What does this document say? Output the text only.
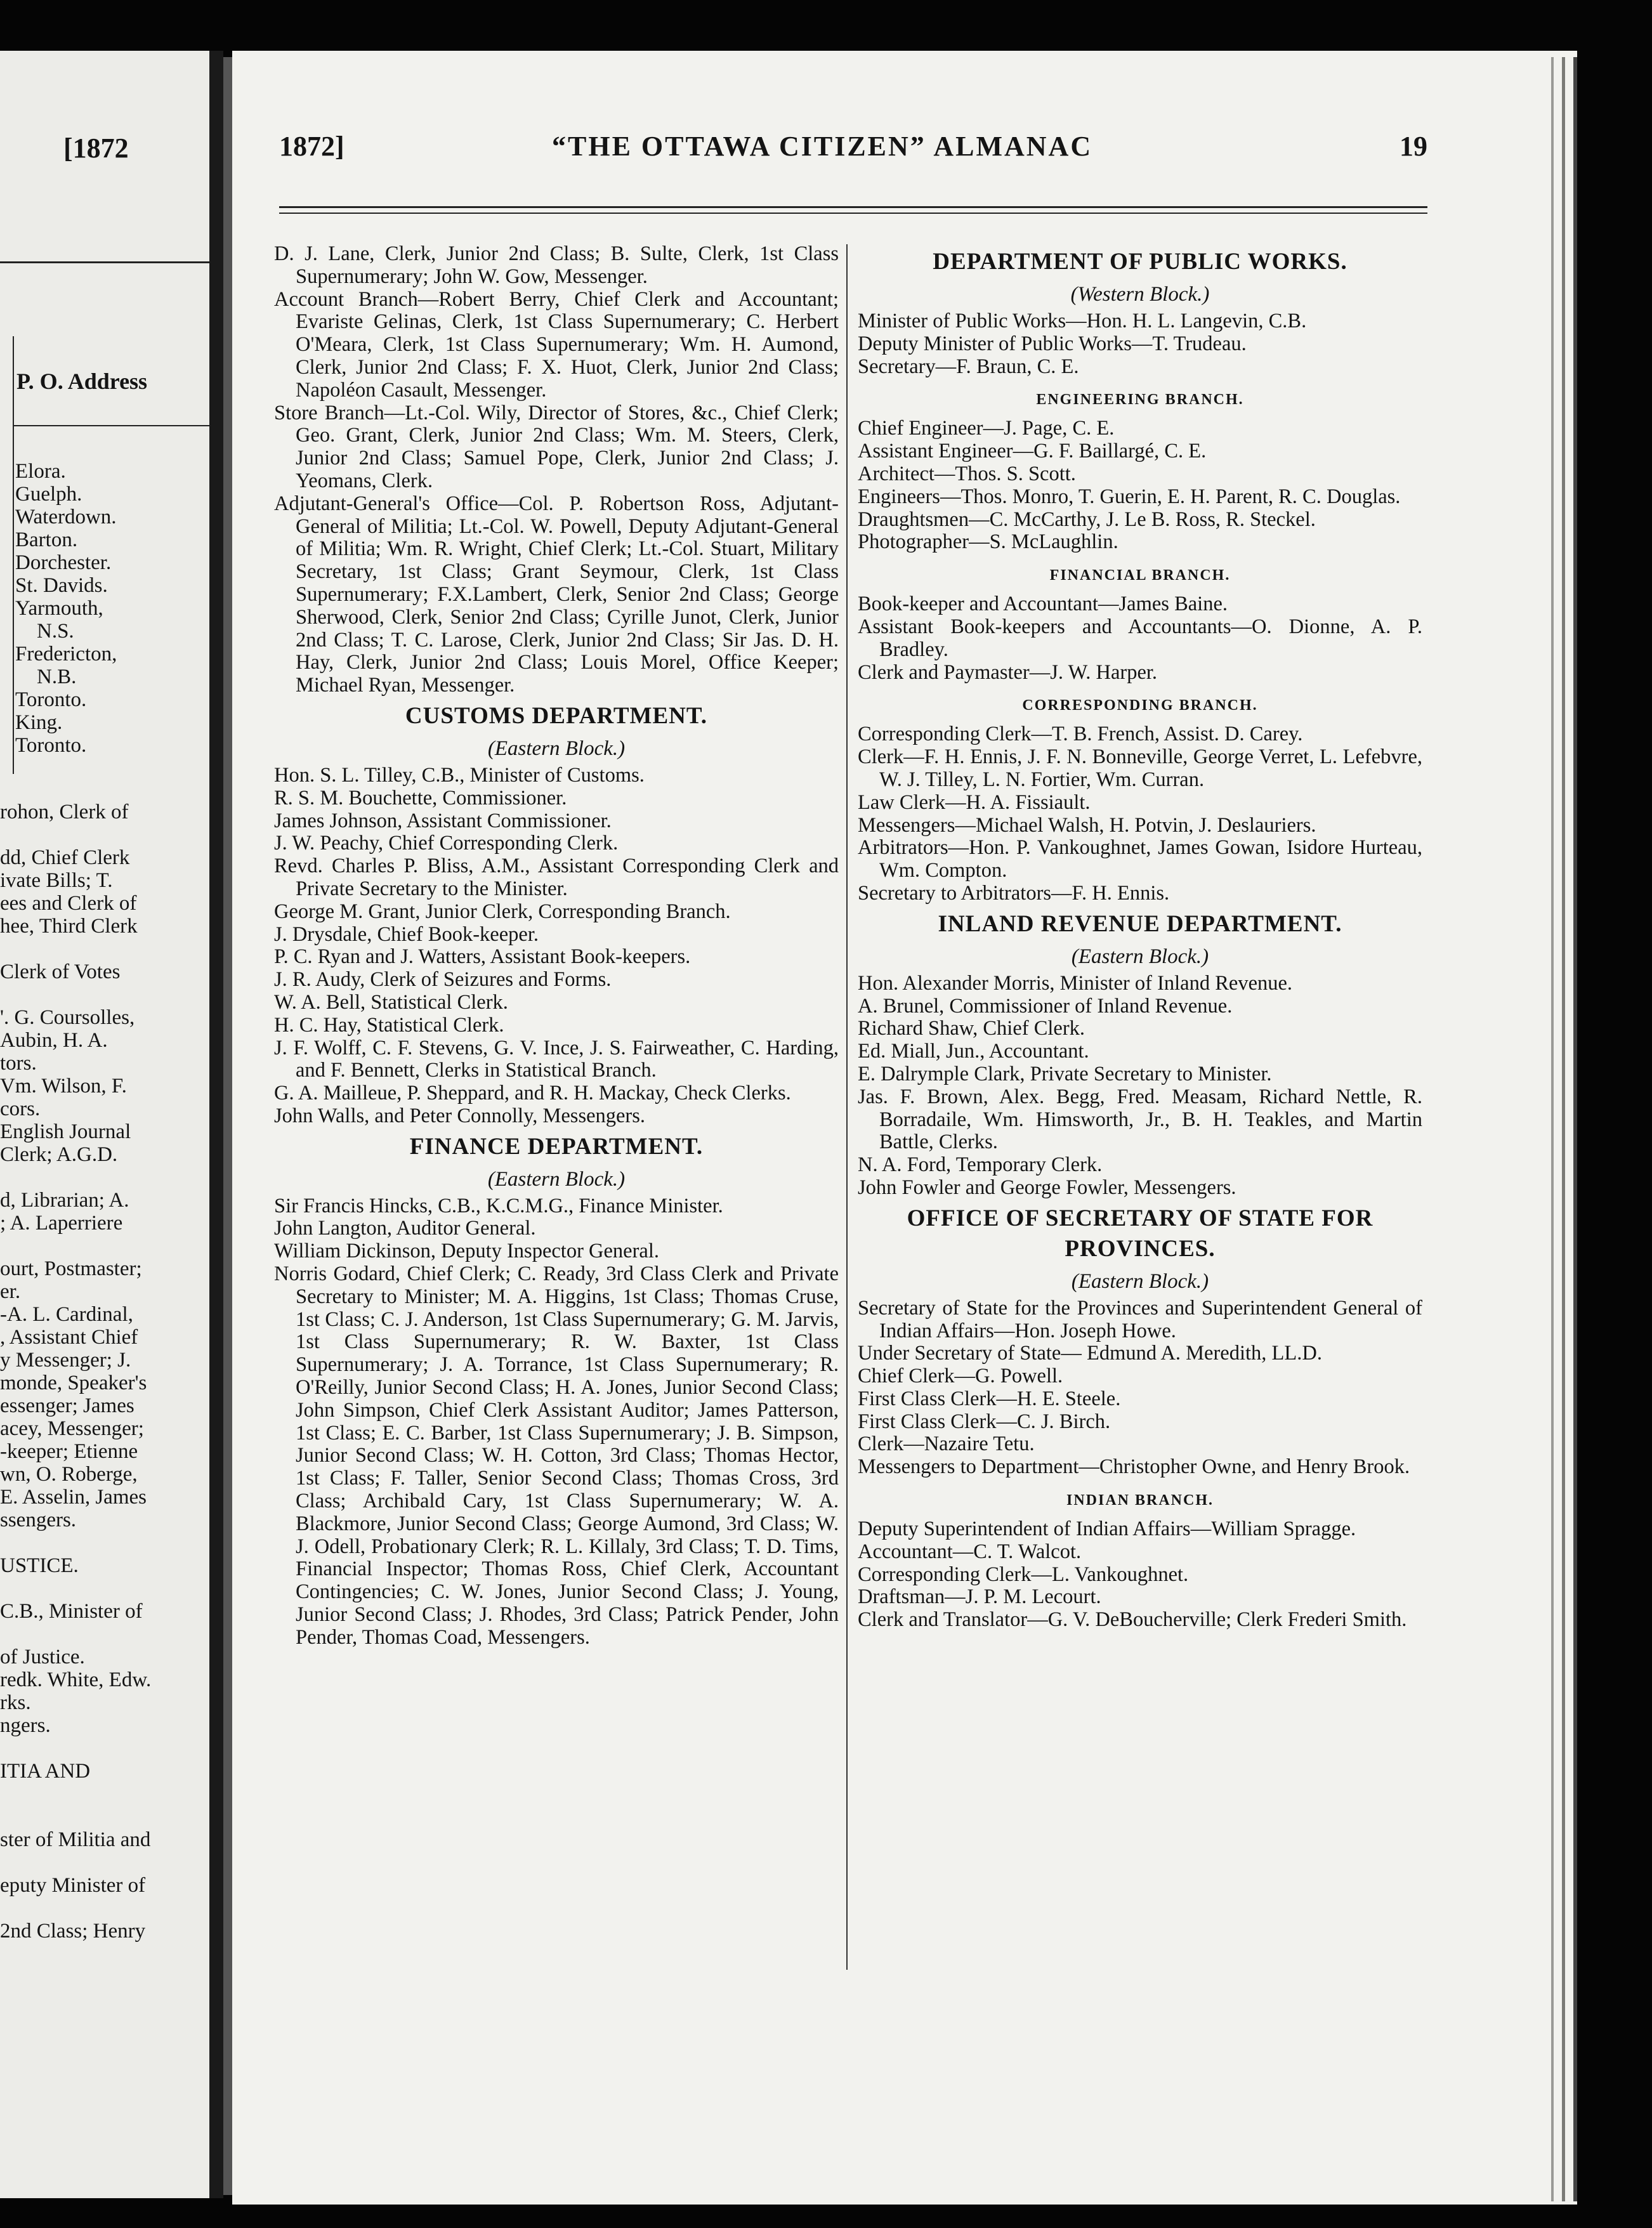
[1872
P. O. Address
Elora.
Guelph.
Waterdown.
Barton.
Dorchester.
St. Davids.
Yarmouth,
N.S.
Fredericton,
N.B.
Toronto.
King.
Toronto.
rohon, Clerk of
dd, Chief Clerk
ivate Bills; T.
ees and Clerk of
hee, Third Clerk
Clerk of Votes
'. G. Coursolles,
Aubin, H. A.
tors.
Vm. Wilson, F.
cors.
English Journal
Clerk; A.G.D.
d, Librarian; A.
; A. Laperriere
ourt, Postmaster;
er.
-A. L. Cardinal,
, Assistant Chief
y Messenger; J.
monde, Speaker's
essenger; James
acey, Messenger;
-keeper; Etienne
wn, O. Roberge,
E. Asselin, James
ssengers.
USTICE.
C.B., Minister of
of Justice.
redk. White, Edw.
rks.
ngers.
ITIA AND
ster of Militia and
eputy Minister of
2nd Class; Henry
1872]	“THE OTTAWA CITIZEN” ALMANAC	19

D. J. Lane, Clerk, Junior 2nd Class; B. Sulte, Clerk, 1st Class Supernumerary; John W. Gow, Messenger.

Account Branch—Robert Berry, Chief Clerk and Accountant; Evariste Gelinas, Clerk, 1st Class Supernumerary; C. Herbert O'Meara, Clerk, 1st Class Supernumerary; Wm. H. Aumond, Clerk, Junior 2nd Class; F. X. Huot, Clerk, Junior 2nd Class; Napoléon Casault, Messenger.

Store Branch—Lt.-Col. Wily, Director of Stores, &c., Chief Clerk; Geo. Grant, Clerk, Junior 2nd Class; Wm. M. Steers, Clerk, Junior 2nd Class; Samuel Pope, Clerk, Junior 2nd Class; J. Yeomans, Clerk.

Adjutant-General's Office—Col. P. Robertson Ross, Adjutant-General of Militia; Lt.-Col. W. Powell, Deputy Adjutant-General of Militia; Wm. R. Wright, Chief Clerk; Lt.-Col. Stuart, Military Secretary, 1st Class; Grant Seymour, Clerk, 1st Class Supernumerary; F.X.Lambert, Clerk, Senior 2nd Class; George Sherwood, Clerk, Senior 2nd Class; Cyrille Junot, Clerk, Junior 2nd Class; T. C. Larose, Clerk, Junior 2nd Class; Sir Jas. D. H. Hay, Clerk, Junior 2nd Class; Louis Morel, Office Keeper; Michael Ryan, Messenger.

CUSTOMS DEPARTMENT.

(Eastern Block.)

Hon. S. L. Tilley, C.B., Minister of Customs.

R. S. M. Bouchette, Commissioner.

James Johnson, Assistant Commissioner.

J. W. Peachy, Chief Corresponding Clerk.

Revd. Charles P. Bliss, A.M., Assistant Corresponding Clerk and Private Secretary to the Minister.

George M. Grant, Junior Clerk, Corresponding Branch.

J. Drysdale, Chief Book-keeper.

P. C. Ryan and J. Watters, Assistant Book-keepers.

J. R. Audy, Clerk of Seizures and Forms.

W. A. Bell, Statistical Clerk.

H. C. Hay, Statistical Clerk.

J. F. Wolff, C. F. Stevens, G. V. Ince, J. S. Fairweather, C. Harding, and F. Bennett, Clerks in Statistical Branch.

G. A. Mailleue, P. Sheppard, and R. H. Mackay, Check Clerks.

John Walls, and Peter Connolly, Messengers.

FINANCE DEPARTMENT.

(Eastern Block.)

Sir Francis Hincks, C.B., K.C.M.G., Finance Minister.

John Langton, Auditor General.

William Dickinson, Deputy Inspector General.

Norris Godard, Chief Clerk; C. Ready, 3rd Class Clerk and Private Secretary to Minister; M. A. Higgins, 1st Class; Thomas Cruse, 1st Class; C. J. Anderson, 1st Class Supernumerary; G. M. Jarvis, 1st Class Supernumerary; R. W. Baxter, 1st Class Supernumerary; J. A. Torrance, 1st Class Supernumerary; R. O'Reilly, Junior Second Class; H. A. Jones, Junior Second Class; John Simpson, Chief Clerk Assistant Auditor; James Patterson, 1st Class; E. C. Barber, 1st Class Supernumerary; J. B. Simpson, Junior Second Class; W. H. Cotton, 3rd Class; Thomas Hector, 1st Class; F. Taller, Senior Second Class; Thomas Cross, 3rd Class; Archibald Cary, 1st Class Supernumerary; W. A. Blackmore, Junior Second Class; George Aumond, 3rd Class; W. J. Odell, Probationary Clerk; R. L. Killaly, 3rd Class; T. D. Tims, Financial Inspector; Thomas Ross, Chief Clerk, Accountant Contingencies; C. W. Jones, Junior Second Class; J. Young, Junior Second Class; J. Rhodes, 3rd Class; Patrick Pender, John Pender, Thomas Coad, Messengers.

DEPARTMENT OF PUBLIC WORKS.

(Western Block.)

Minister of Public Works—Hon. H. L. Langevin, C.B.

Deputy Minister of Public Works—T. Trudeau.

Secretary—F. Braun, C. E.

ENGINEERING BRANCH.

Chief Engineer—J. Page, C. E.

Assistant Engineer—G. F. Baillargé, C. E.

Architect—Thos. S. Scott.

Engineers—Thos. Monro, T. Guerin, E. H. Parent, R. C. Douglas.

Draughtsmen—C. McCarthy, J. Le B. Ross, R. Steckel.

Photographer—S. McLaughlin.

FINANCIAL BRANCH.

Book-keeper and Accountant—James Baine.

Assistant Book-keepers and Accountants—O. Dionne, A. P. Bradley.

Clerk and Paymaster—J. W. Harper.

CORRESPONDING BRANCH.

Corresponding Clerk—T. B. French, Assist. D. Carey.

Clerk—F. H. Ennis, J. F. N. Bonneville, George Verret, L. Lefebvre, W. J. Tilley, L. N. Fortier, Wm. Curran.

Law Clerk—H. A. Fissiault.

Messengers—Michael Walsh, H. Potvin, J. Deslauriers.

Arbitrators—Hon. P. Vankoughnet, James Gowan, Isidore Hurteau, Wm. Compton.

Secretary to Arbitrators—F. H. Ennis.

INLAND REVENUE DEPARTMENT.

(Eastern Block.)

Hon. Alexander Morris, Minister of Inland Revenue.

A. Brunel, Commissioner of Inland Revenue.

Richard Shaw, Chief Clerk.

Ed. Miall, Jun., Accountant.

E. Dalrymple Clark, Private Secretary to Minister.

Jas. F. Brown, Alex. Begg, Fred. Measam, Richard Nettle, R. Borradaile, Wm. Himsworth, Jr., B. H. Teakles, and Martin Battle, Clerks.

N. A. Ford, Temporary Clerk.

John Fowler and George Fowler, Messengers.

OFFICE OF SECRETARY OF STATE FOR PROVINCES.

(Eastern Block.)

Secretary of State for the Provinces and Superintendent General of Indian Affairs—Hon. Joseph Howe.

Under Secretary of State— Edmund A. Meredith, LL.D.

Chief Clerk—G. Powell.

First Class Clerk—H. E. Steele.

First Class Clerk—C. J. Birch.

Clerk—Nazaire Tetu.

Messengers to Department—Christopher Owne, and Henry Brook.

INDIAN BRANCH.

Deputy Superintendent of Indian Affairs—William Spragge.

Accountant—C. T. Walcot.

Corresponding Clerk—L. Vankoughnet.

Draftsman—J. P. M. Lecourt.

Clerk and Translator—G. V. DeBoucherville; Clerk Frederi Smith.
